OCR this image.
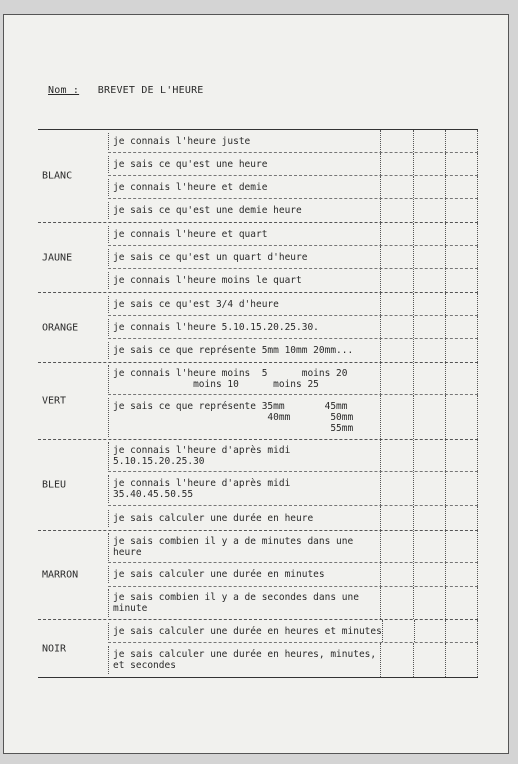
Nom : BREVET DE L'HEURE
BLANC
je connais l'heure juste
je sais ce qu'est une heure
je connais l'heure et demie
je sais ce qu'est une demie heure
JAUNE
je connais l'heure et quart
je sais ce qu'est un quart d'heure
je connais l'heure moins le quart
ORANGE
je sais ce qu'est 3/4 d'heure
je connais l'heure 5.10.15.20.25.30.
je sais ce que représente 5mm 10mm 20mm...
VERT
je connais l'heure moins  5      moins 20
moins 10      moins 25
je sais ce que représente 35mm       45mm
40mm       50mm
55mm
BLEU
je connais l'heure d'après midi
5.10.15.20.25.30
je connais l'heure d'après midi
35.40.45.50.55
je sais calculer une durée en heure
MARRON
je sais combien il y a de minutes dans une
heure
je sais calculer une durée en minutes
je sais combien il y a de secondes dans une
minute
NOIR
je sais calculer une durée en heures et minutes
je sais calculer une durée en heures, minutes,
et secondes
